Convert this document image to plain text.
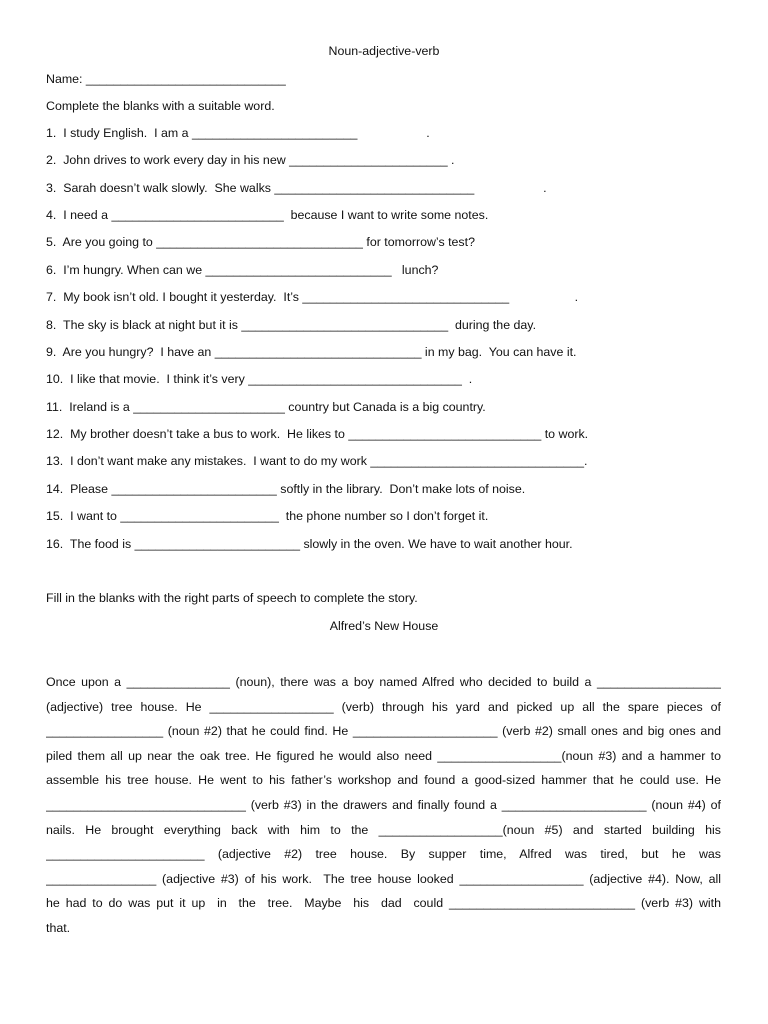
Noun-adjective-verb
Name: _____________________________
Complete the blanks with a suitable word.
1.  I study English.  I am a ________________________                    .
2.  John drives to work every day in his new _______________________ .
3.  Sarah doesn’t walk slowly.  She walks _____________________________                    .
4.  I need a _________________________  because I want to write some notes.
5.  Are you going to ______________________________ for tomorrow’s test?
6.  I’m hungry. When can we ___________________________   lunch?
7.  My book isn’t old. I bought it yesterday.  It’s ______________________________                   .
8.  The sky is black at night but it is ______________________________  during the day.
9.  Are you hungry?  I have an ______________________________ in my bag.  You can have it.
10.  I like that movie.  I think it’s very _______________________________  .
11.  Ireland is a ______________________ country but Canada is a big country.
12.  My brother doesn’t take a bus to work.  He likes to ____________________________ to work.
13.  I don’t want make any mistakes.  I want to do my work _______________________________.
14.  Please ________________________ softly in the library.  Don’t make lots of noise.
15.  I want to _______________________  the phone number so I don’t forget it.
16.  The food is ________________________ slowly in the oven. We have to wait another hour.
Fill in the blanks with the right parts of speech to complete the story.
Alfred’s New House
Once upon a _______________ (noun), there was a boy named Alfred who decided to build a __________________
(adjective) tree house. He __________________ (verb) through his yard and picked up all the spare pieces of
_________________ (noun #2) that he could find. He _____________________ (verb #2) small ones and big ones and
piled them all up near the oak tree. He figured he would also need __________________(noun #3) and a hammer to
assemble his tree house. He went to his father’s workshop and found a good-sized hammer that he could use. He
_____________________________ (verb #3) in the drawers and finally found a _____________________ (noun #4) of
nails. He brought everything back with him to the __________________(noun #5) and started building his
_______________________ (adjective #2) tree house. By supper time, Alfred was tired, but he was
________________ (adjective #3) of his work.  The tree house looked __________________ (adjective #4). Now, all
he had to do was put it up  in  the  tree.  Maybe  his  dad  could ___________________________ (verb #3) with
that.
